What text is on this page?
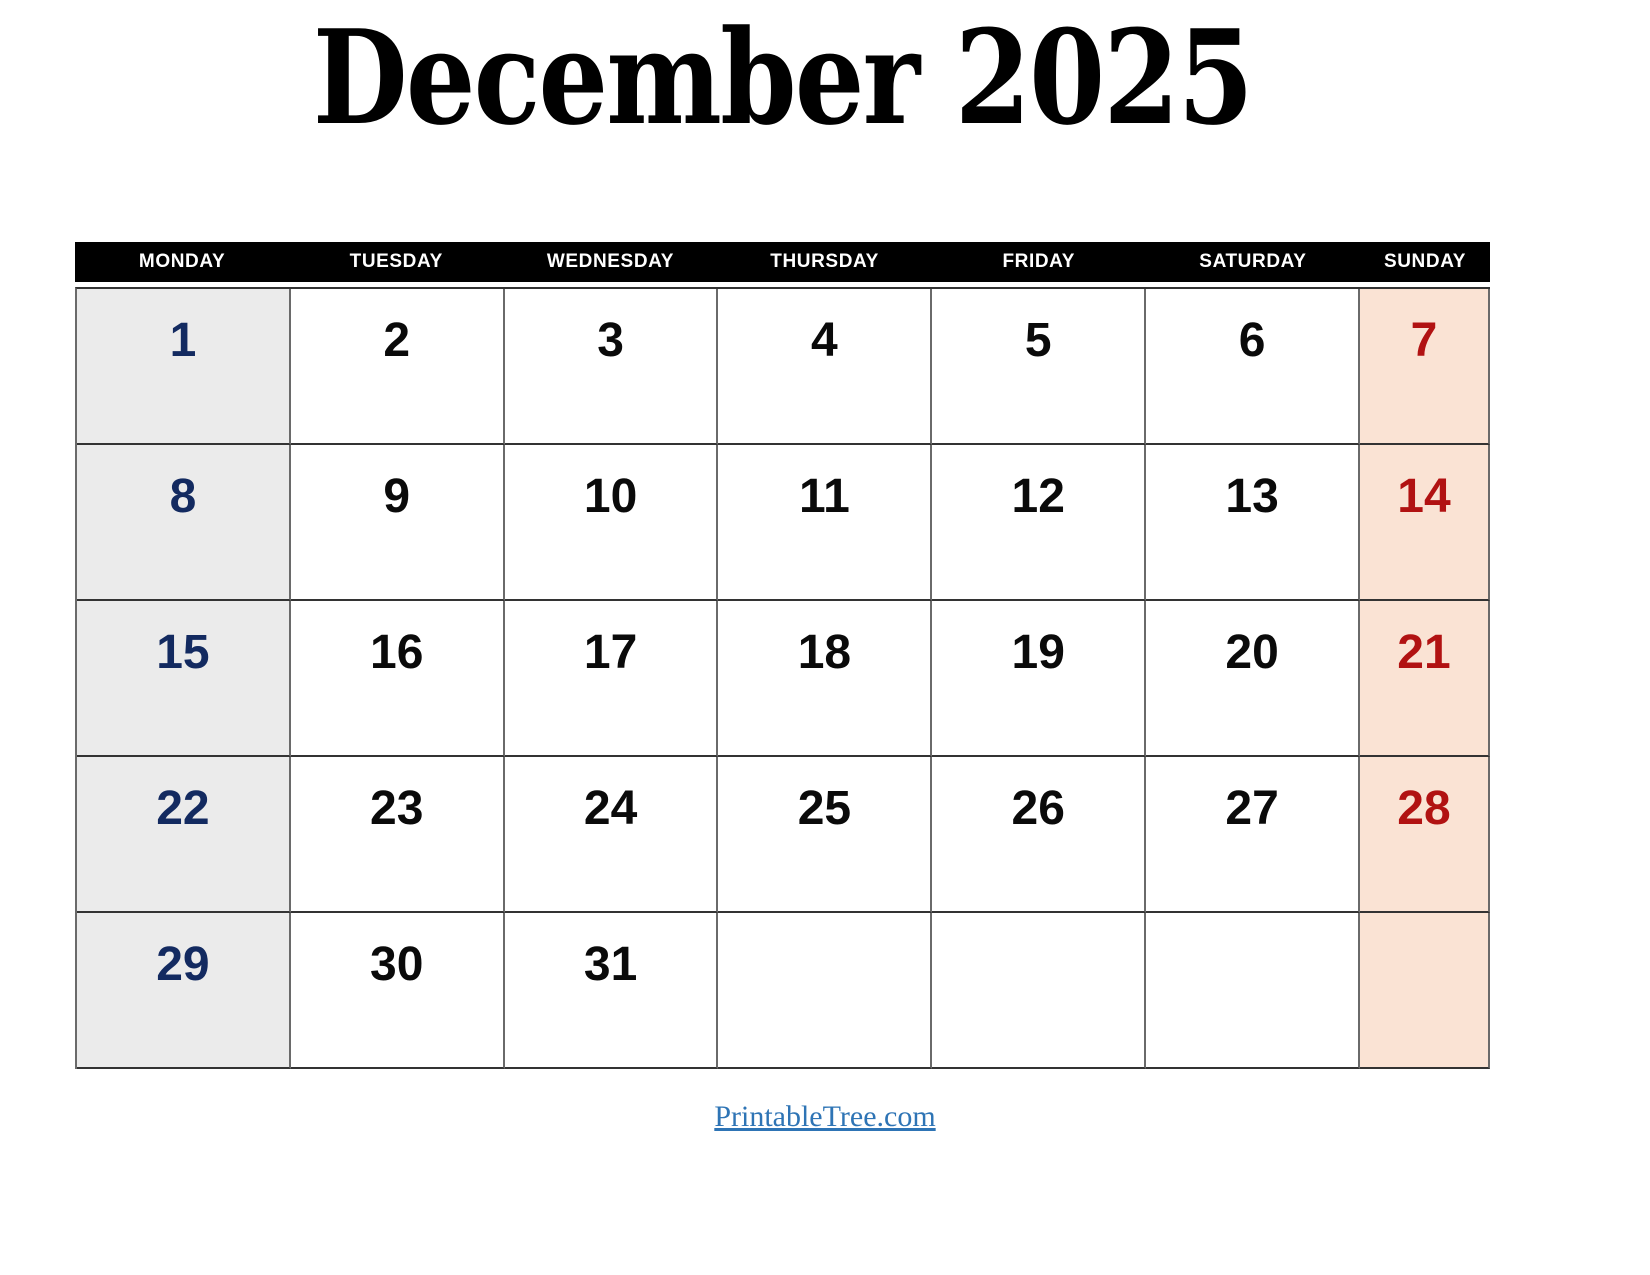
December 2025
MONDAY	TUESDAY	WEDNESDAY	THURSDAY	FRIDAY	SATURDAY	SUNDAY
1	2	3	4	5	6	7
8	9	10	11	12	13	14
15	16	17	18	19	20	21
22	23	24	25	26	27	28
29	30	31
PrintableTree.com
